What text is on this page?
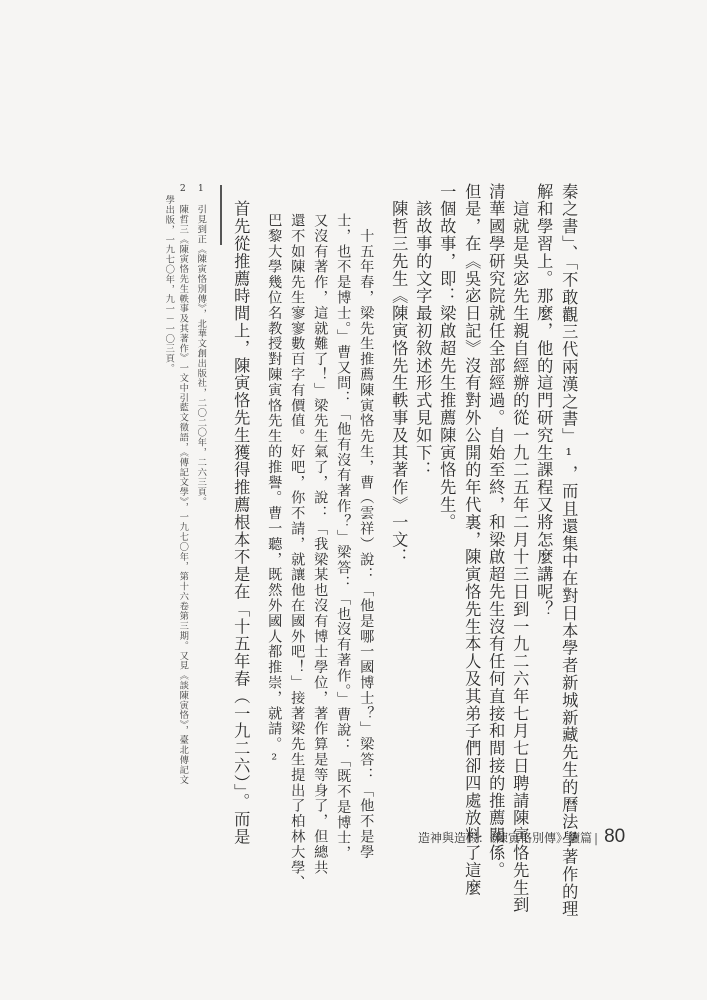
秦之書」、「不敢觀三代兩漢之書」¹，而且還集中在對日本學者新城新藏先生的曆法學著作的理
解和學習上。那麼，他的這門研究生課程又將怎麼講呢？
　這就是吳宓先生親自經辦的從一九二五年二月十三日到一九二六年七月七日聘請陳寅恪先生到
清華國學研究院就任全部經過。自始至終，和梁啟超先生沒有任何直接和間接的推薦關係。
但是，在《吳宓日記》沒有對外公開的年代裏，陳寅恪先生本人及其弟子們卻四處放料了這麼
一個故事，即：梁啟超先生推薦陳寅恪先生。
　該故事的文字最初敘述形式見如下：
　陳哲三先生《陳寅恪先生軼事及其著作》一文：
　十五年春，梁先生推薦陳寅恪先生，曹（雲祥）說：「他是哪一國博士？」梁答：「他不是學
士，也不是博士。」曹又問：「他有沒有著作？」梁答：「也沒有著作。」曹說：「既不是博士，
又沒有著作，這就難了！」梁先生氣了，說：「我梁某也沒有博士學位，著作算是等身了，但總共
還不如陳先生寥寥數百字有價值。好吧，你不請，就讓他在國外吧！」接著梁先生提出了柏林大學、
巴黎大學幾位名教授對陳寅恪先生的推譽。曹一聽，既然外國人都推崇，就請。²
　首先從推薦時間上，陳寅恪先生獲得推薦根本不是在「十五年春（一九二六）」。而是
1　引見到正《陳寅恪別傳》，北華文創出版社，二〇二〇年，二六三頁。
2　陳哲三《陳寅恪先生軼事及其著作》一文中引藍文徵語，《傳記文學》，一九七〇年，第十六卷第三期。又見《談陳寅恪》，臺北傳記文
學出版，一九七〇年，九一－一〇三頁。
造神與造假：《陳寅恪別傳》續篇 | 80
